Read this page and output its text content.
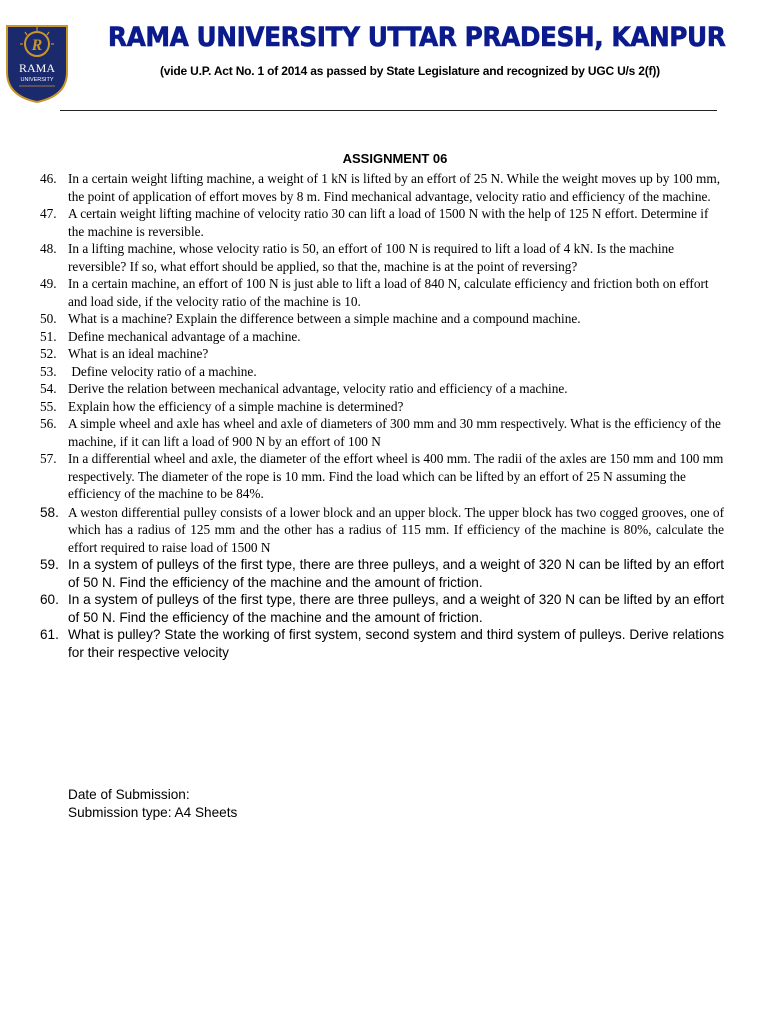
R
RAMA
UNIVERSITY
RAMA UNIVERSITY UTTAR PRADESH, KANPUR
(vide U.P. Act No. 1 of 2014 as passed by State Legislature and recognized by UGC U/s 2(f))
ASSIGNMENT 06
46. In a certain weight lifting machine, a weight of 1 kN is lifted by an effort of 25 N. While the weight moves up by 100 mm, the point of application of effort moves by 8 m. Find mechanical advantage, velocity ratio and efficiency of the machine.
47. A certain weight lifting machine of velocity ratio 30 can lift a load of 1500 N with the help of 125 N effort. Determine if the machine is reversible.
48. In a lifting machine, whose velocity ratio is 50, an effort of 100 N is required to lift a load of 4 kN. Is the machine reversible? If so, what effort should be applied, so that the, machine is at the point of reversing?
49. In a certain machine, an effort of 100 N is just able to lift a load of 840 N, calculate efficiency and friction both on effort and load side, if the velocity ratio of the machine is 10.
50. What is a machine? Explain the difference between a simple machine and a compound machine.
51. Define mechanical advantage of a machine.
52. What is an ideal machine?
53. Define velocity ratio of a machine.
54. Derive the relation between mechanical advantage, velocity ratio and efficiency of a machine.
55. Explain how the efficiency of a simple machine is determined?
56. A simple wheel and axle has wheel and axle of diameters of 300 mm and 30 mm respectively. What is the efficiency of the machine, if it can lift a load of 900 N by an effort of 100 N
57. In a differential wheel and axle, the diameter of the effort wheel is 400 mm. The radii of the axles are 150 mm and 100 mm respectively. The diameter of the rope is 10 mm. Find the load which can be lifted by an effort of 25 N assuming the efficiency of the machine to be 84%.
58. A weston differential pulley consists of a lower block and an upper block. The upper block has two cogged grooves, one of which has a radius of 125 mm and the other has a radius of 115 mm. If efficiency of the machine is 80%, calculate the effort required to raise load of 1500 N
59. In a system of pulleys of the first type, there are three pulleys, and a weight of 320 N can be lifted by an effort of 50 N. Find the efficiency of the machine and the amount of friction.
60. In a system of pulleys of the first type, there are three pulleys, and a weight of 320 N can be lifted by an effort of 50 N. Find the efficiency of the machine and the amount of friction.
61. What is pulley? State the working of first system, second system and third system of pulleys. Derive relations for their respective velocity
Date of Submission:
Submission type: A4 Sheets
